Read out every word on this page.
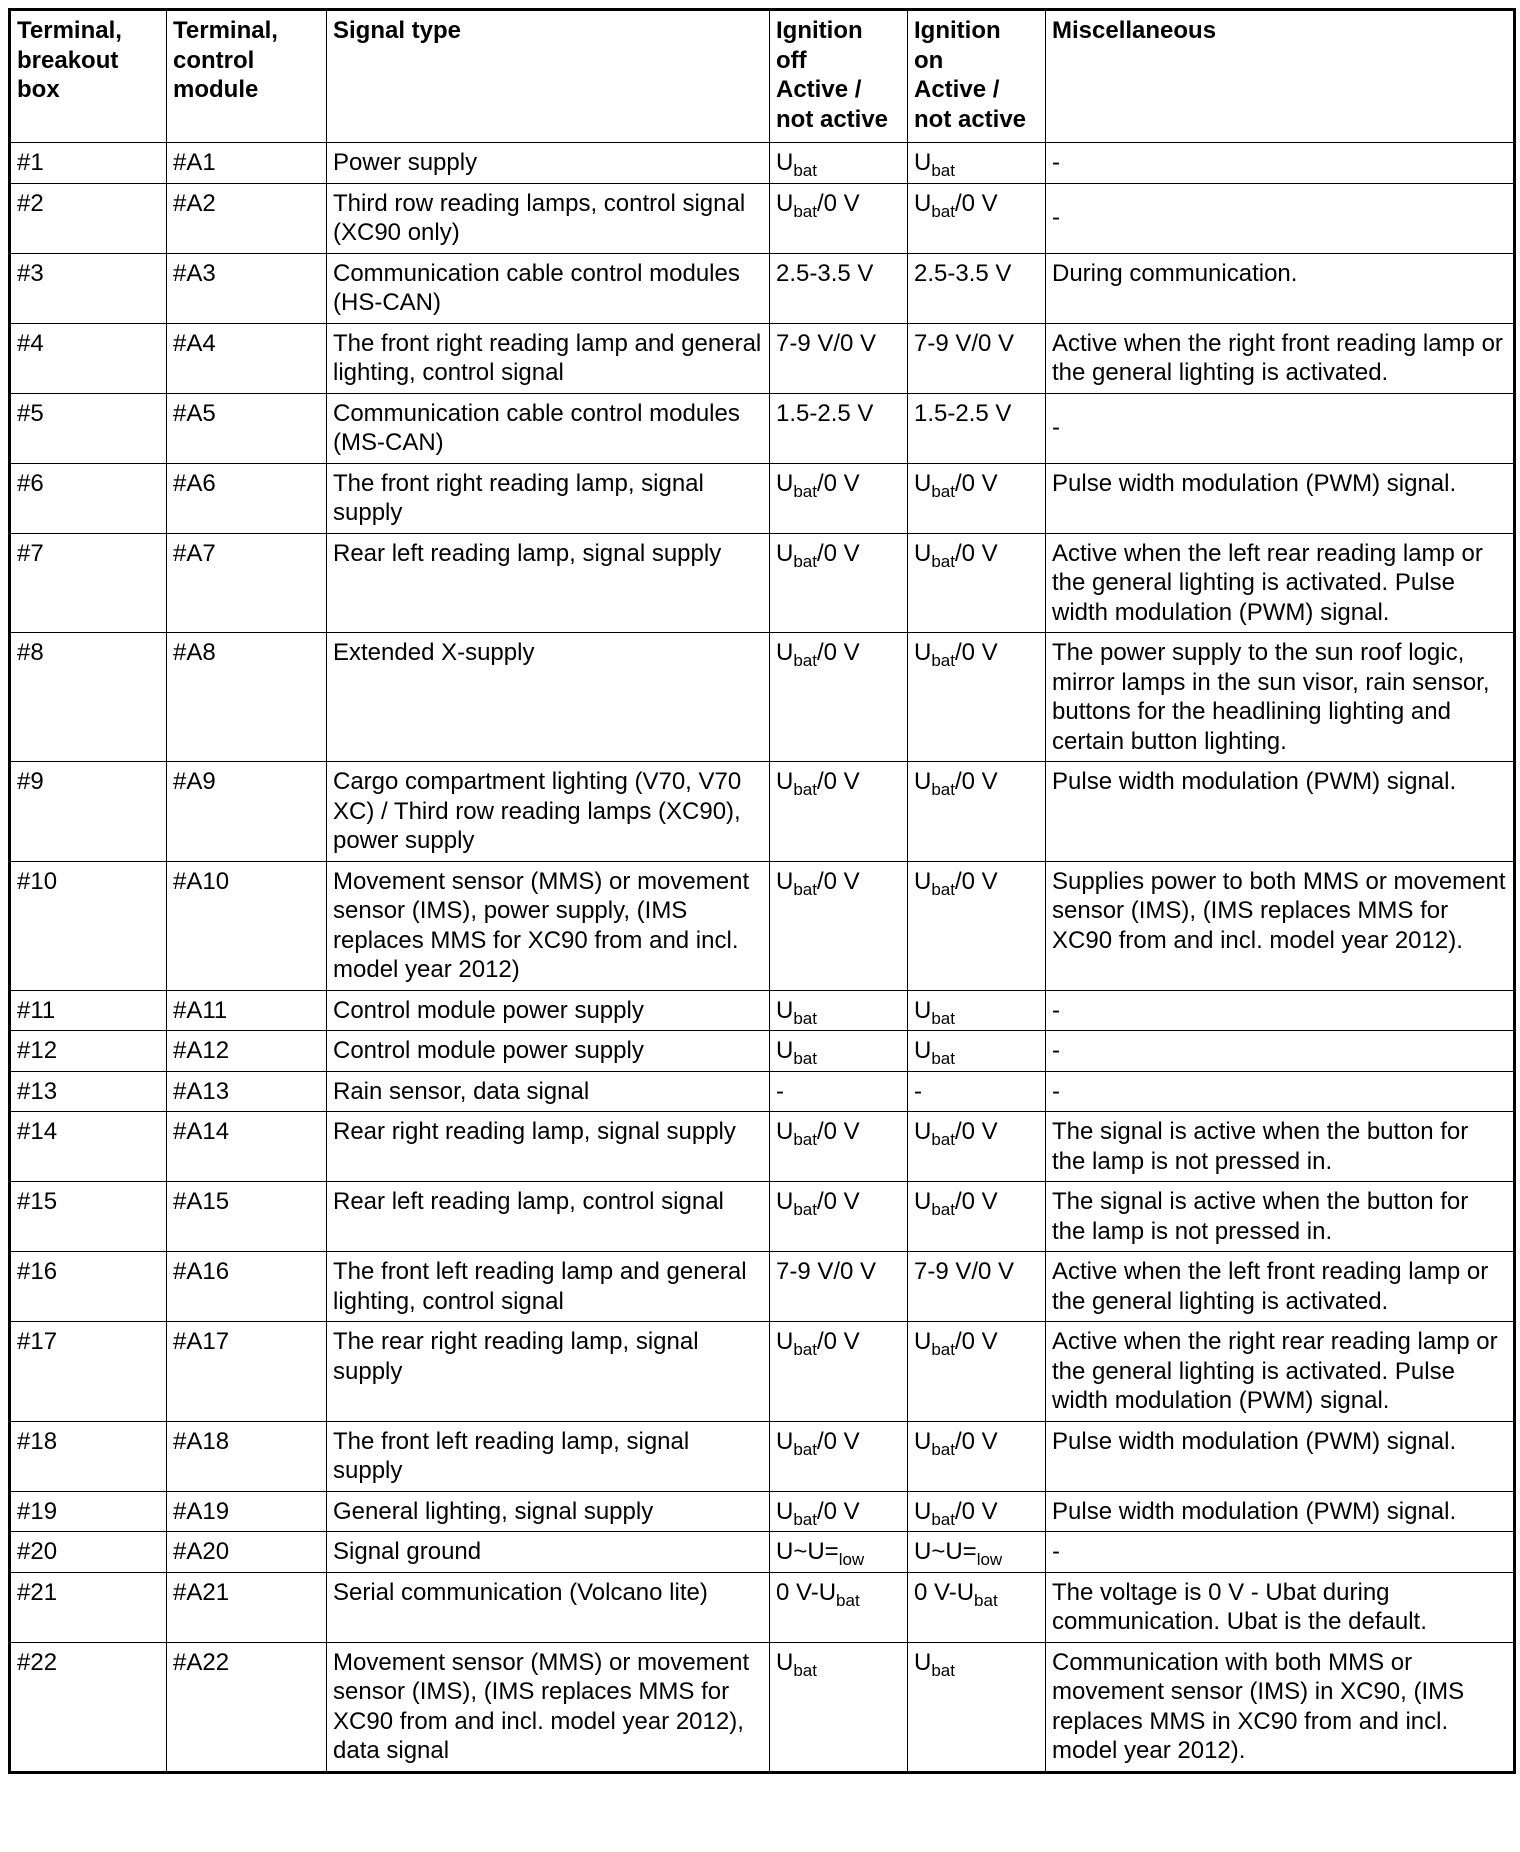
Terminal,
breakout
box	Terminal,
control
module	Signal type	Ignition
off
Active /
not active	Ignition
on
Active /
not active	Miscellaneous
#1	#A1	Power supply	$U_{bat}$	$U_{bat}$	-
#2	#A2	Third row reading lamps, control signal (XC90 only)	$U_{bat}/0$ V	$U_{bat}/0$ V	-
#3	#A3	Communication cable control modules (HS-CAN)	2.5-3.5 V	2.5-3.5 V	During communication.
#4	#A4	The front right reading lamp and general lighting, control signal	7-9 V/0 V	7-9 V/0 V	Active when the right front reading lamp or the general lighting is activated.
#5	#A5	Communication cable control modules (MS-CAN)	1.5-2.5 V	1.5-2.5 V	-
#6	#A6	The front right reading lamp, signal supply	$U_{bat}/0$ V	$U_{bat}/0$ V	Pulse width modulation (PWM) signal.
#7	#A7	Rear left reading lamp, signal supply	$U_{bat}/0$ V	$U_{bat}/0$ V	Active when the left rear reading lamp or the general lighting is activated. Pulse width modulation (PWM) signal.
#8	#A8	Extended X-supply	$U_{bat}/0$ V	$U_{bat}/0$ V	The power supply to the sun roof logic, mirror lamps in the sun visor, rain sensor, buttons for the headlining lighting and certain button lighting.
#9	#A9	Cargo compartment lighting (V70, V70 XC) / Third row reading lamps (XC90), power supply	$U_{bat}/0$ V	$U_{bat}/0$ V	Pulse width modulation (PWM) signal.
#10	#A10	Movement sensor (MMS) or movement sensor (IMS), power supply, (IMS replaces MMS for XC90 from and incl. model year 2012)	$U_{bat}/0$ V	$U_{bat}/0$ V	Supplies power to both MMS or movement sensor (IMS), (IMS replaces MMS for XC90 from and incl. model year 2012).
#11	#A11	Control module power supply	$U_{bat}$	$U_{bat}$	-
#12	#A12	Control module power supply	$U_{bat}$	$U_{bat}$	-
#13	#A13	Rain sensor, data signal	-	-	-
#14	#A14	Rear right reading lamp, signal supply	$U_{bat}/0$ V	$U_{bat}/0$ V	The signal is active when the button for the lamp is not pressed in.
#15	#A15	Rear left reading lamp, control signal	$U_{bat}/0$ V	$U_{bat}/0$ V	The signal is active when the button for the lamp is not pressed in.
#16	#A16	The front left reading lamp and general lighting, control signal	7-9 V/0 V	7-9 V/0 V	Active when the left front reading lamp or the general lighting is activated.
#17	#A17	The rear right reading lamp, signal supply	$U_{bat}/0$ V	$U_{bat}/0$ V	Active when the right rear reading lamp or the general lighting is activated. Pulse width modulation (PWM) signal.
#18	#A18	The front left reading lamp, signal supply	$U_{bat}/0$ V	$U_{bat}/0$ V	Pulse width modulation (PWM) signal.
#19	#A19	General lighting, signal supply	$U_{bat}/0$ V	$U_{bat}/0$ V	Pulse width modulation (PWM) signal.
#20	#A20	Signal ground	$U\sim U=_{low}$	$U\sim U=_{low}$	-
#21	#A21	Serial communication (Volcano lite)	0 $V-U_{bat}$	0 $V-U_{bat}$	The voltage is 0 V - Ubat during communication. Ubat is the default.
#22	#A22	Movement sensor (MMS) or movement sensor (IMS), (IMS replaces MMS for XC90 from and incl. model year 2012), data signal	$U_{bat}$	$U_{bat}$	Communication with both MMS or movement sensor (IMS) in XC90, (IMS replaces MMS in XC90 from and incl. model year 2012).
